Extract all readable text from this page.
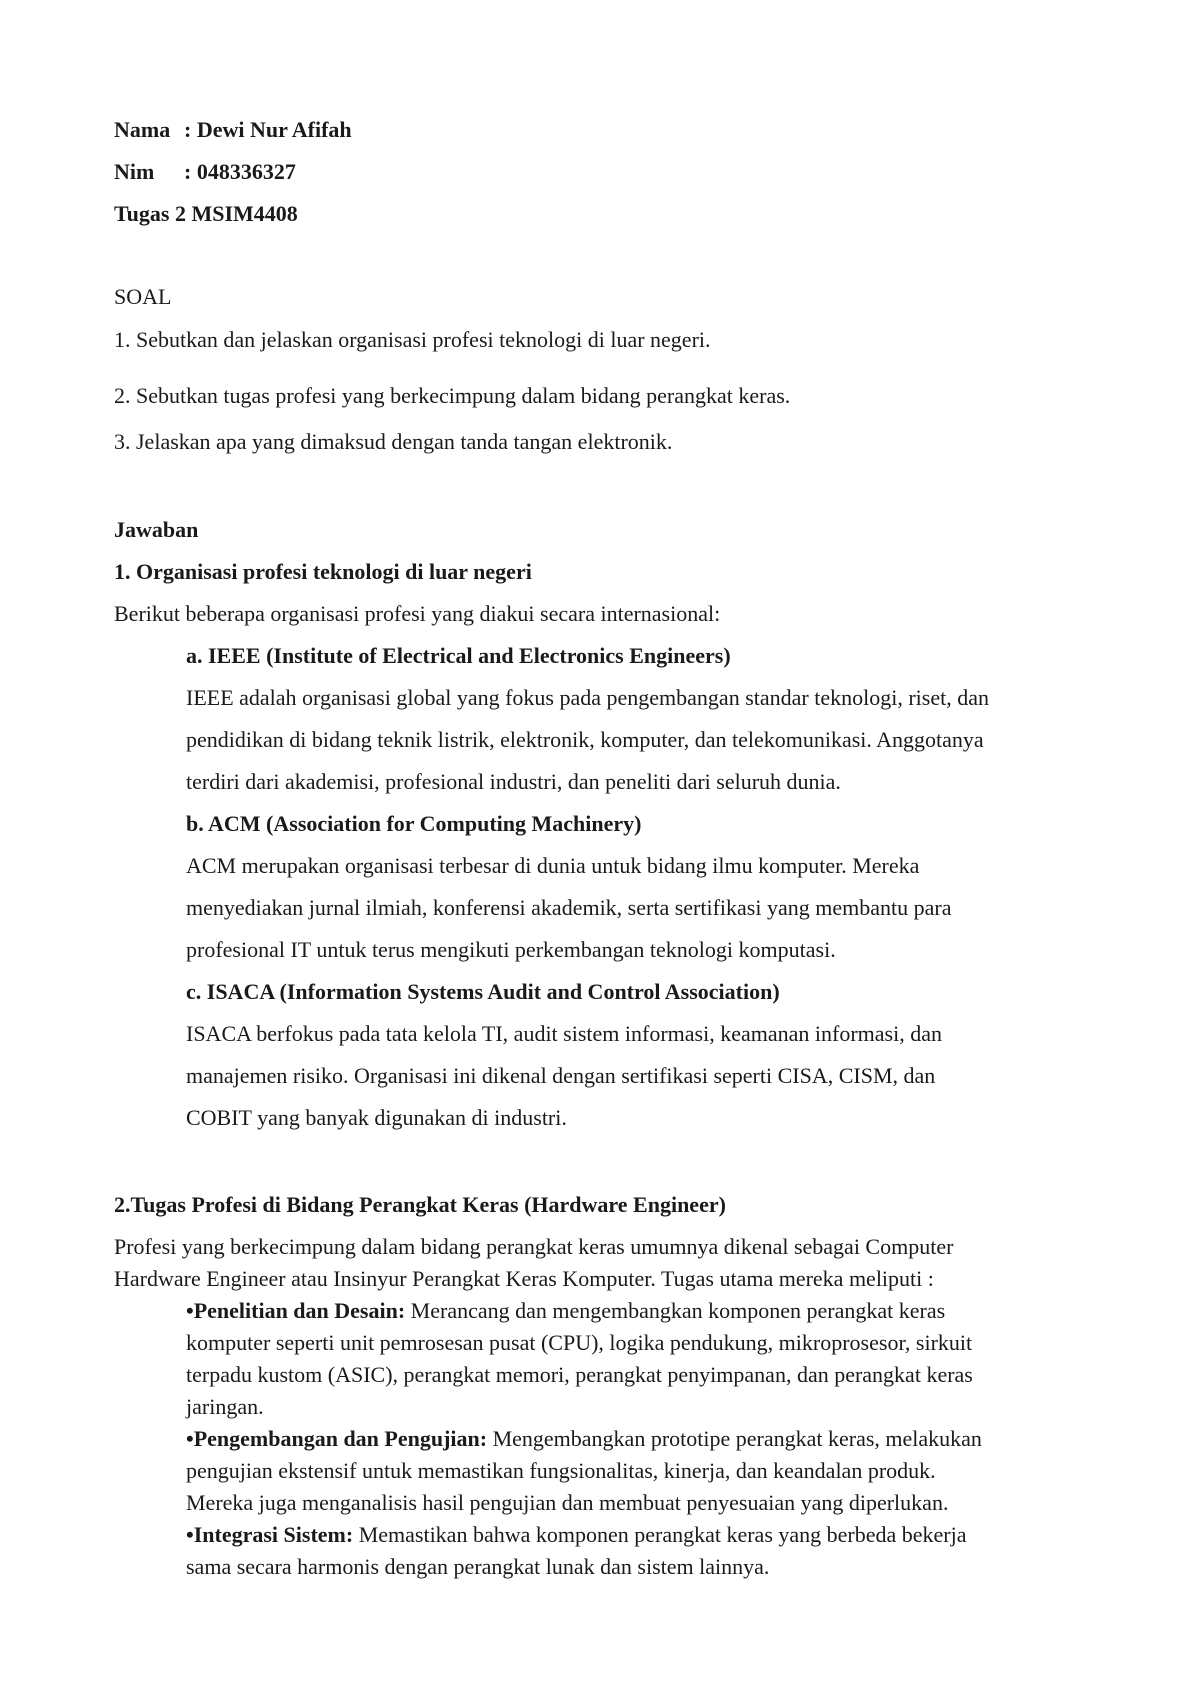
Nama : Dewi Nur Afifah
Nim : 048336327
Tugas 2 MSIM4408
SOAL
1. Sebutkan dan jelaskan organisasi profesi teknologi di luar negeri.
2. Sebutkan tugas profesi yang berkecimpung dalam bidang perangkat keras.
3. Jelaskan apa yang dimaksud dengan tanda tangan elektronik.
Jawaban
1. Organisasi profesi teknologi di luar negeri
Berikut beberapa organisasi profesi yang diakui secara internasional:
a. IEEE (Institute of Electrical and Electronics Engineers)
IEEE adalah organisasi global yang fokus pada pengembangan standar teknologi, riset, dan
pendidikan di bidang teknik listrik, elektronik, komputer, dan telekomunikasi. Anggotanya
terdiri dari akademisi, profesional industri, dan peneliti dari seluruh dunia.
b. ACM (Association for Computing Machinery)
ACM merupakan organisasi terbesar di dunia untuk bidang ilmu komputer. Mereka
menyediakan jurnal ilmiah, konferensi akademik, serta sertifikasi yang membantu para
profesional IT untuk terus mengikuti perkembangan teknologi komputasi.
c. ISACA (Information Systems Audit and Control Association)
ISACA berfokus pada tata kelola TI, audit sistem informasi, keamanan informasi, dan
manajemen risiko. Organisasi ini dikenal dengan sertifikasi seperti CISA, CISM, dan
COBIT yang banyak digunakan di industri.
2.Tugas Profesi di Bidang Perangkat Keras (Hardware Engineer)
Profesi yang berkecimpung dalam bidang perangkat keras umumnya dikenal sebagai Computer
Hardware Engineer atau Insinyur Perangkat Keras Komputer. Tugas utama mereka meliputi :
•Penelitian dan Desain: Merancang dan mengembangkan komponen perangkat keras
komputer seperti unit pemrosesan pusat (CPU), logika pendukung, mikroprosesor, sirkuit
terpadu kustom (ASIC), perangkat memori, perangkat penyimpanan, dan perangkat keras
jaringan.
•Pengembangan dan Pengujian: Mengembangkan prototipe perangkat keras, melakukan
pengujian ekstensif untuk memastikan fungsionalitas, kinerja, dan keandalan produk.
Mereka juga menganalisis hasil pengujian dan membuat penyesuaian yang diperlukan.
•Integrasi Sistem: Memastikan bahwa komponen perangkat keras yang berbeda bekerja
sama secara harmonis dengan perangkat lunak dan sistem lainnya.
